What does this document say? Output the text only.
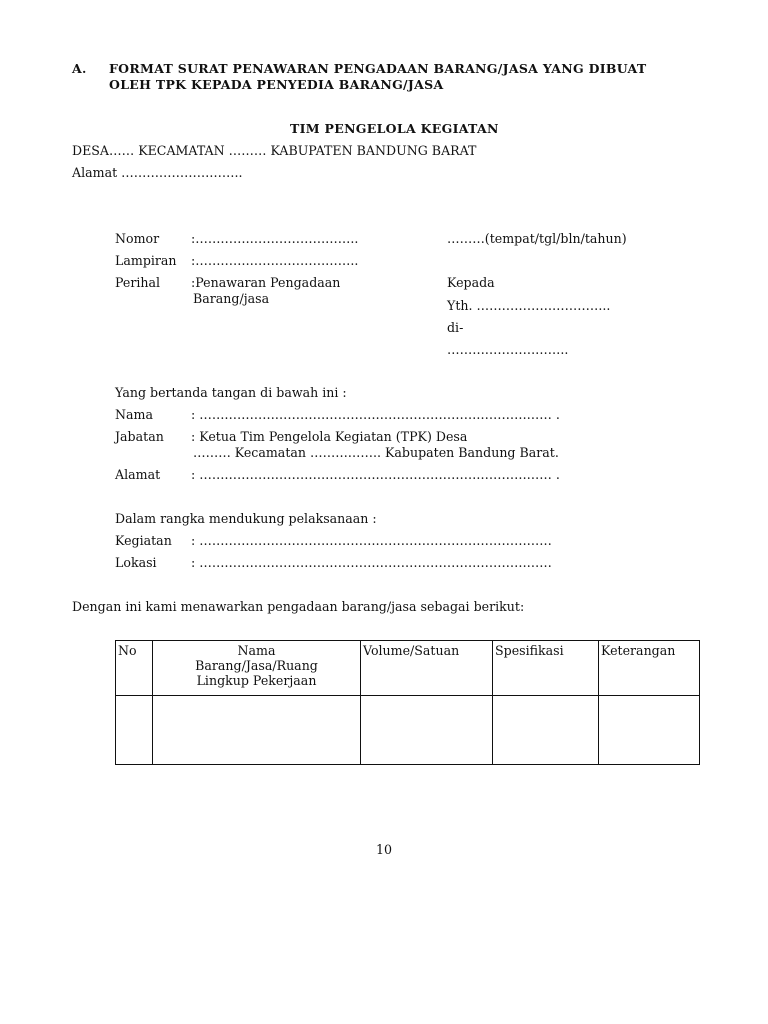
A. FORMAT SURAT PENAWARAN PENGADAAN BARANG/JASA YANG DIBUAT
OLEH TPK KEPADA PENYEDIA BARANG/JASA
TIM PENGELOLA KEGIATAN
DESA…… KECAMATAN ……… KABUPATEN BANDUNG BARAT
Alamat ………………………..
Nomor	:………….……………………..	………(tempat/tgl/bln/tahun)
Lampiran :………….……………………..
Perihal :Penawaran Pengadaan
Barang/jasa
Kepada
Yth. …………………………..
di-
………………………..
Yang bertanda tangan di bawah ini :
Nama	: ………………………………………………………………………… .
Jabatan : Ketua Tim Pengelola Kegiatan (TPK) Desa
……… Kecamatan …………….. Kabupaten Bandung Barat.
Alamat : ………………………………………………………………………… .
Dalam rangka mendukung pelaksanaan :
Kegiatan : …………………………………………………………………………
Lokasi	: …………………………………………………………………………
Dengan ini kami menawarkan pengadaan barang/jasa sebagai berikut:
No	Nama
Barang/Jasa/Ruang
Lingkup Pekerjaan	Volume/Satuan	Spesifikasi	Keterangan

10
